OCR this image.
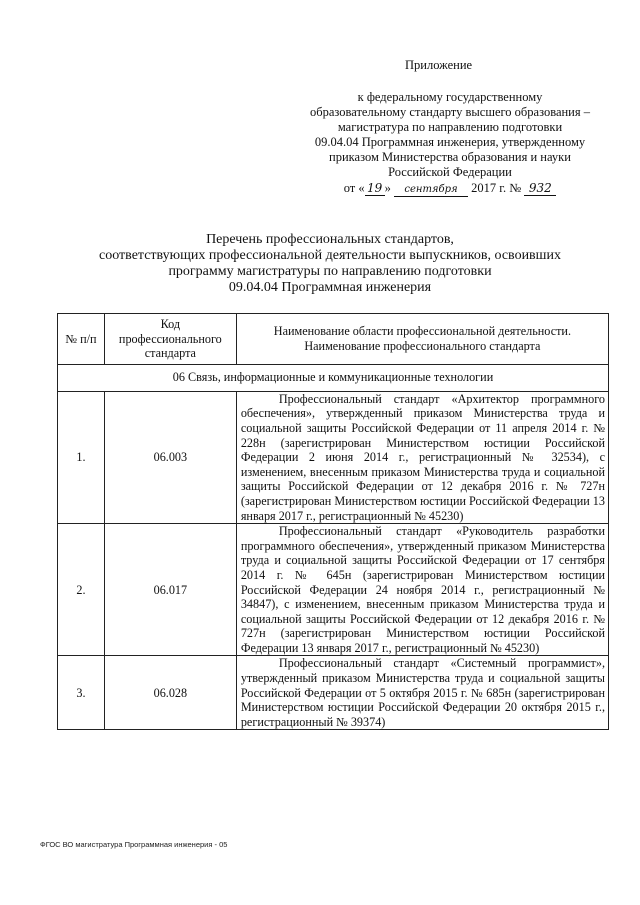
Приложение
к федеральному государственному
образовательному стандарту высшего образования –
магистратура по направлению подготовки
09.04.04 Программная инженерия, утвержденному
приказом Министерства образования и науки
Российской Федерации
от « 19 » сентября 2017 г. № 932
Перечень профессиональных стандартов,
соответствующих профессиональной деятельности выпускников, освоивших
программу магистратуры по направлению подготовки
09.04.04 Программная инженерия
№ п/п	Код профессионального стандарта	Наименование области профессиональной деятельности. Наименование профессионального стандарта
06 Связь, информационные и коммуникационные технологии		
1.	06.003	Профессиональный стандарт «Архитектор программного обеспечения», утвержденный приказом Министерства труда и социальной защиты Российской Федерации от 11 апреля 2014 г. № 228н (зарегистрирован Министерством юстиции Российской Федерации 2 июня 2014 г., регистрационный № 32534), с изменением, внесенным приказом Министерства труда и социальной защиты Российской Федерации от 12 декабря 2016 г. № 727н (зарегистрирован Министерством юстиции Российской Федерации 13 января 2017 г., регистрационный № 45230)

2.	06.017	Профессиональный стандарт «Руководитель разработки программного обеспечения», утвержденный приказом Министерства труда и социальной защиты Российской Федерации от 17 сентября 2014 г. № 645н (зарегистрирован Министерством юстиции Российской Федерации 24 ноября 2014 г., регистрационный № 34847), с изменением, внесенным приказом Министерства труда и социальной защиты Российской Федерации от 12 декабря 2016 г. № 727н (зарегистрирован Министерством юстиции Российской Федерации 13 января 2017 г., регистрационный № 45230)

3.	06.028	Профессиональный стандарт «Системный программист», утвержденный приказом Министерства труда и социальной защиты Российской Федерации от 5 октября 2015 г. № 685н (зарегистрирован Министерством юстиции Российской Федерации 20 октября 2015 г., регистрационный № 39374)
ФГОС ВО магистратура Программная инженерия - 05
